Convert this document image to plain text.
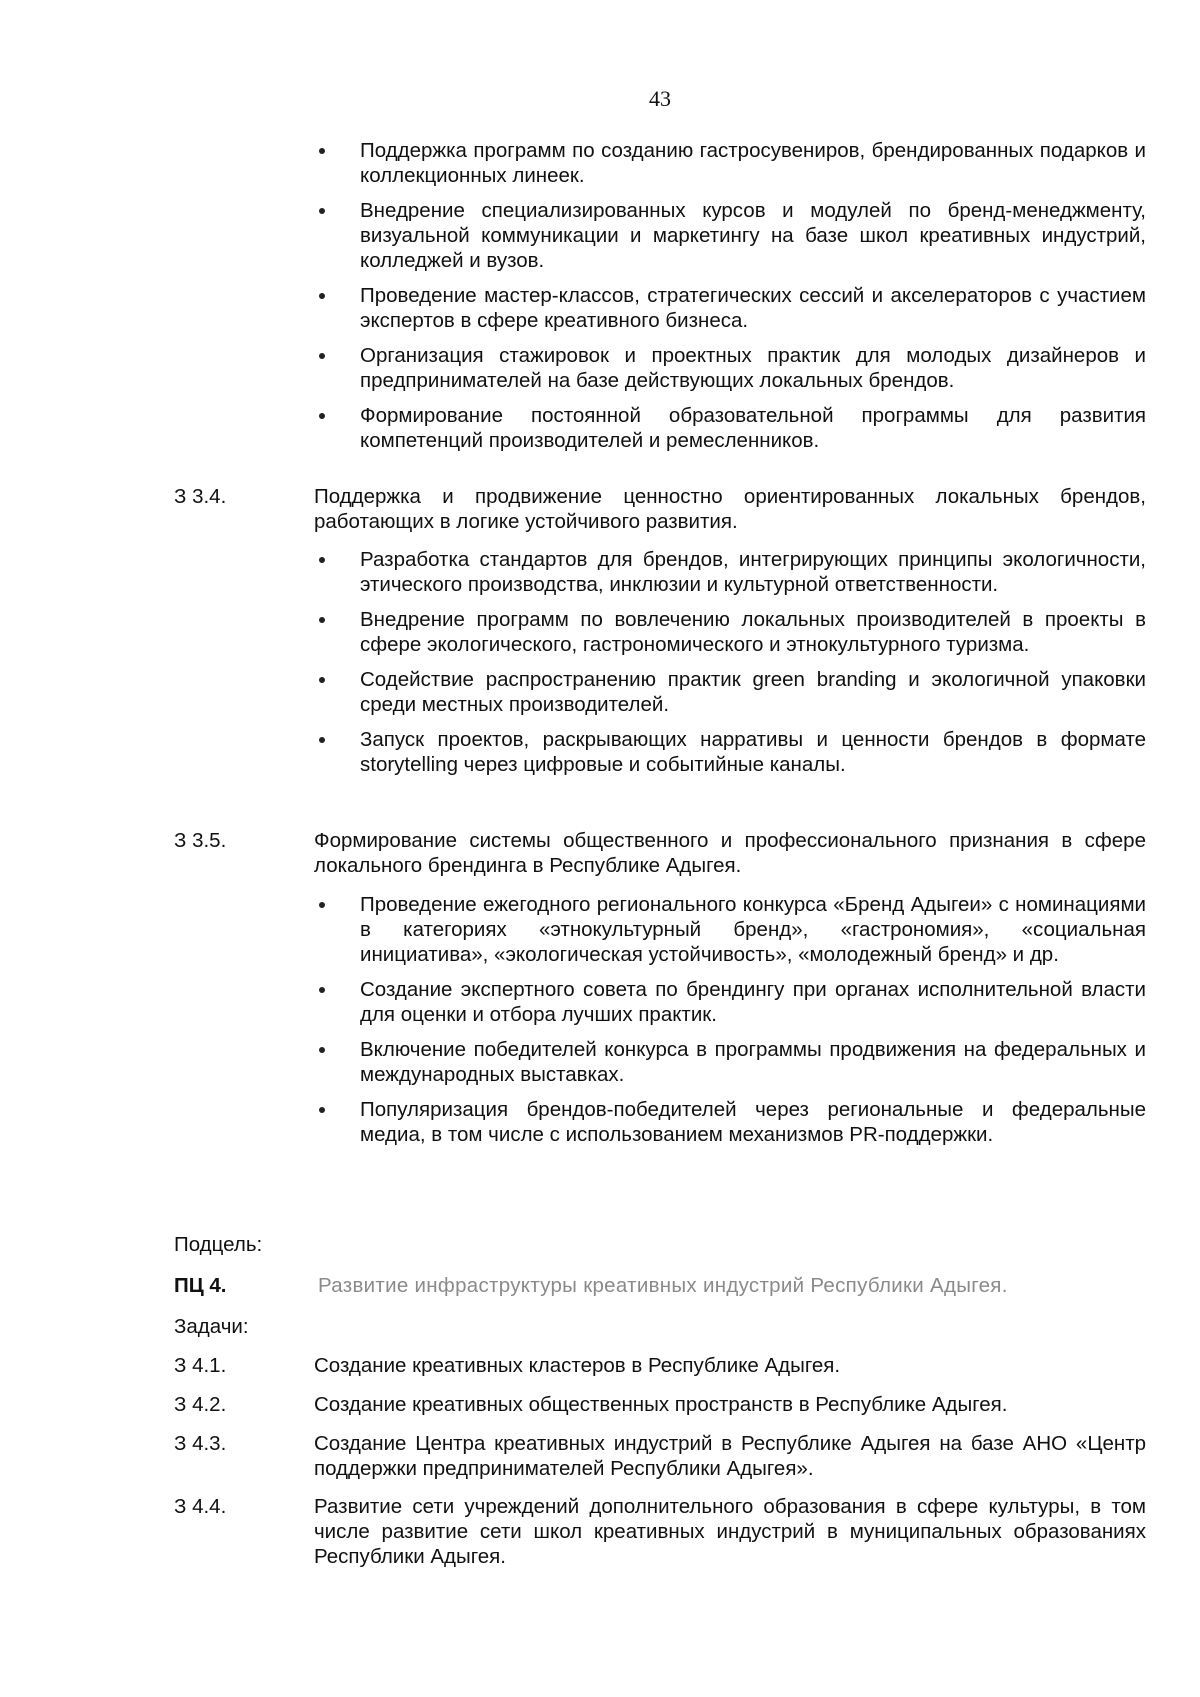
43
Поддержка программ по созданию гастросувениров, брендированных подарков и коллекционных линеек.
Внедрение специализированных курсов и модулей по бренд-менеджменту, визуальной коммуникации и маркетингу на базе школ креативных индустрий, колледжей и вузов.
Проведение мастер-классов, стратегических сессий и акселераторов с участием экспертов в сфере креативного бизнеса.
Организация стажировок и проектных практик для молодых дизайнеров и предпринимателей на базе действующих локальных брендов.
Формирование постоянной образовательной программы для развития компетенций производителей и ремесленников.
З 3.4.	Поддержка и продвижение ценностно ориентированных локальных брендов, работающих в логике устойчивого развития.
Разработка стандартов для брендов, интегрирующих принципы экологичности, этического производства, инклюзии и культурной ответственности.
Внедрение программ по вовлечению локальных производителей в проекты в сфере экологического, гастрономического и этнокультурного туризма.
Содействие распространению практик green branding и экологичной упаковки среди местных производителей.
Запуск проектов, раскрывающих нарративы и ценности брендов в формате storytelling через цифровые и событийные каналы.
З 3.5.	Формирование системы общественного и профессионального признания в сфере локального брендинга в Республике Адыгея.
Проведение ежегодного регионального конкурса «Бренд Адыгеи» с номинациями в категориях «этнокультурный бренд», «гастрономия», «социальная инициатива», «экологическая устойчивость», «молодежный бренд» и др.
Создание экспертного совета по брендингу при органах исполнительной власти для оценки и отбора лучших практик.
Включение победителей конкурса в программы продвижения на федеральных и международных выставках.
Популяризация брендов-победителей через региональные и федеральные медиа, в том числе с использованием механизмов PR-поддержки.
Подцель:
ПЦ 4.	Развитие инфраструктуры креативных индустрий Республики Адыгея.
Задачи:
З 4.1.	Создание креативных кластеров в Республике Адыгея.
З 4.2.	Создание креативных общественных пространств в Республике Адыгея.
З 4.3.	Создание Центра креативных индустрий в Республике Адыгея на базе АНО «Центр поддержки предпринимателей Республики Адыгея».
З 4.4.	Развитие сети учреждений дополнительного образования в сфере культуры, в том числе развитие сети школ креативных индустрий в муниципальных образованиях Республики Адыгея.
